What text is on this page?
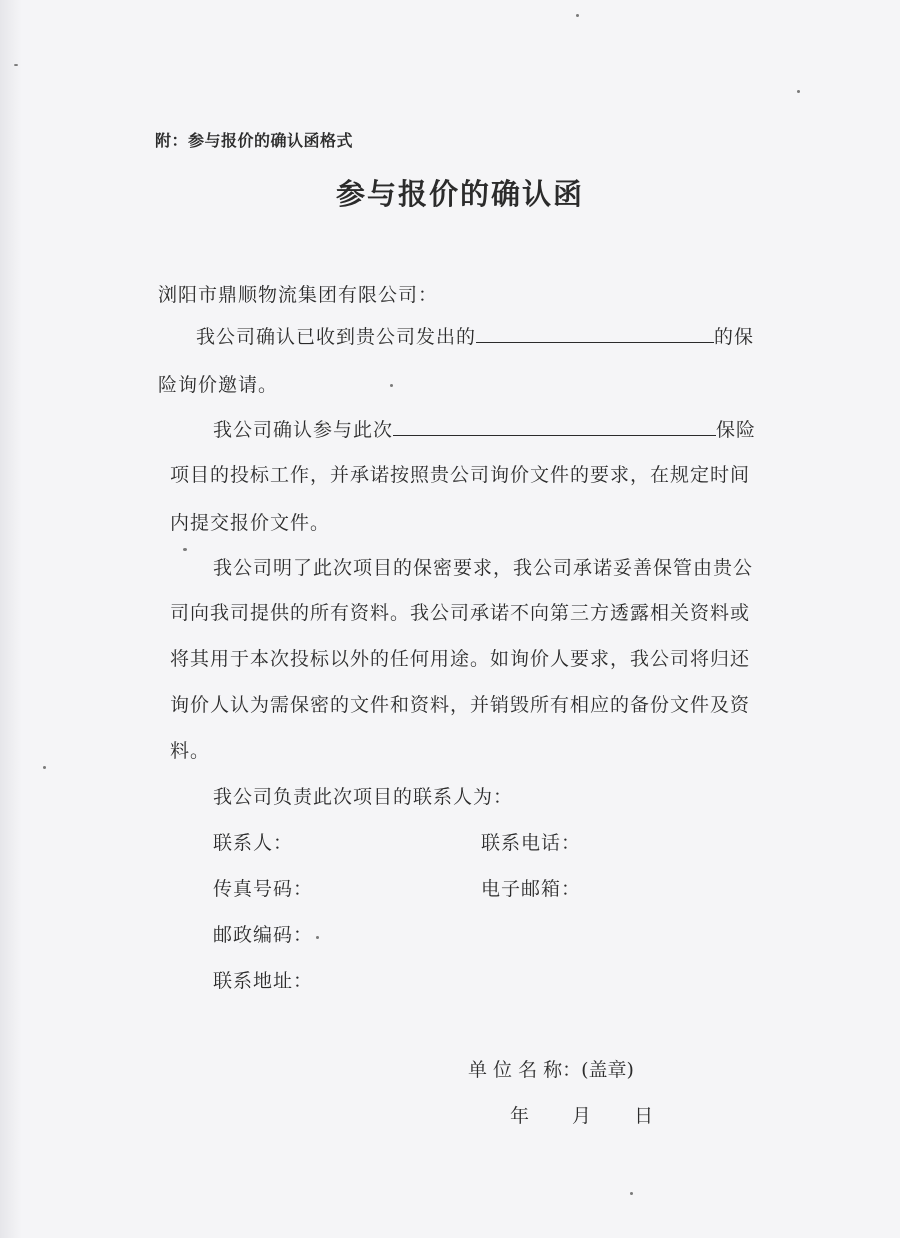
附：参与报价的确认函格式
参与报价的确认函
浏阳市鼎顺物流集团有限公司：
我公司确认已收到贵公司发出的	的保
险询价邀请。
我公司确认参与此次	保险
项目的投标工作，并承诺按照贵公司询价文件的要求，在规定时间
内提交报价文件。
我公司明了此次项目的保密要求，我公司承诺妥善保管由贵公
司向我司提供的所有资料。我公司承诺不向第三方透露相关资料或
将其用于本次投标以外的任何用途。如询价人要求，我公司将归还
询价人认为需保密的文件和资料，并销毁所有相应的备份文件及资
料。
我公司负责此次项目的联系人为：
联系人：	联系电话：
传真号码：	电子邮箱：
邮政编码：
联系地址：
单 位 名 称：(盖章)
年　 月　 日
